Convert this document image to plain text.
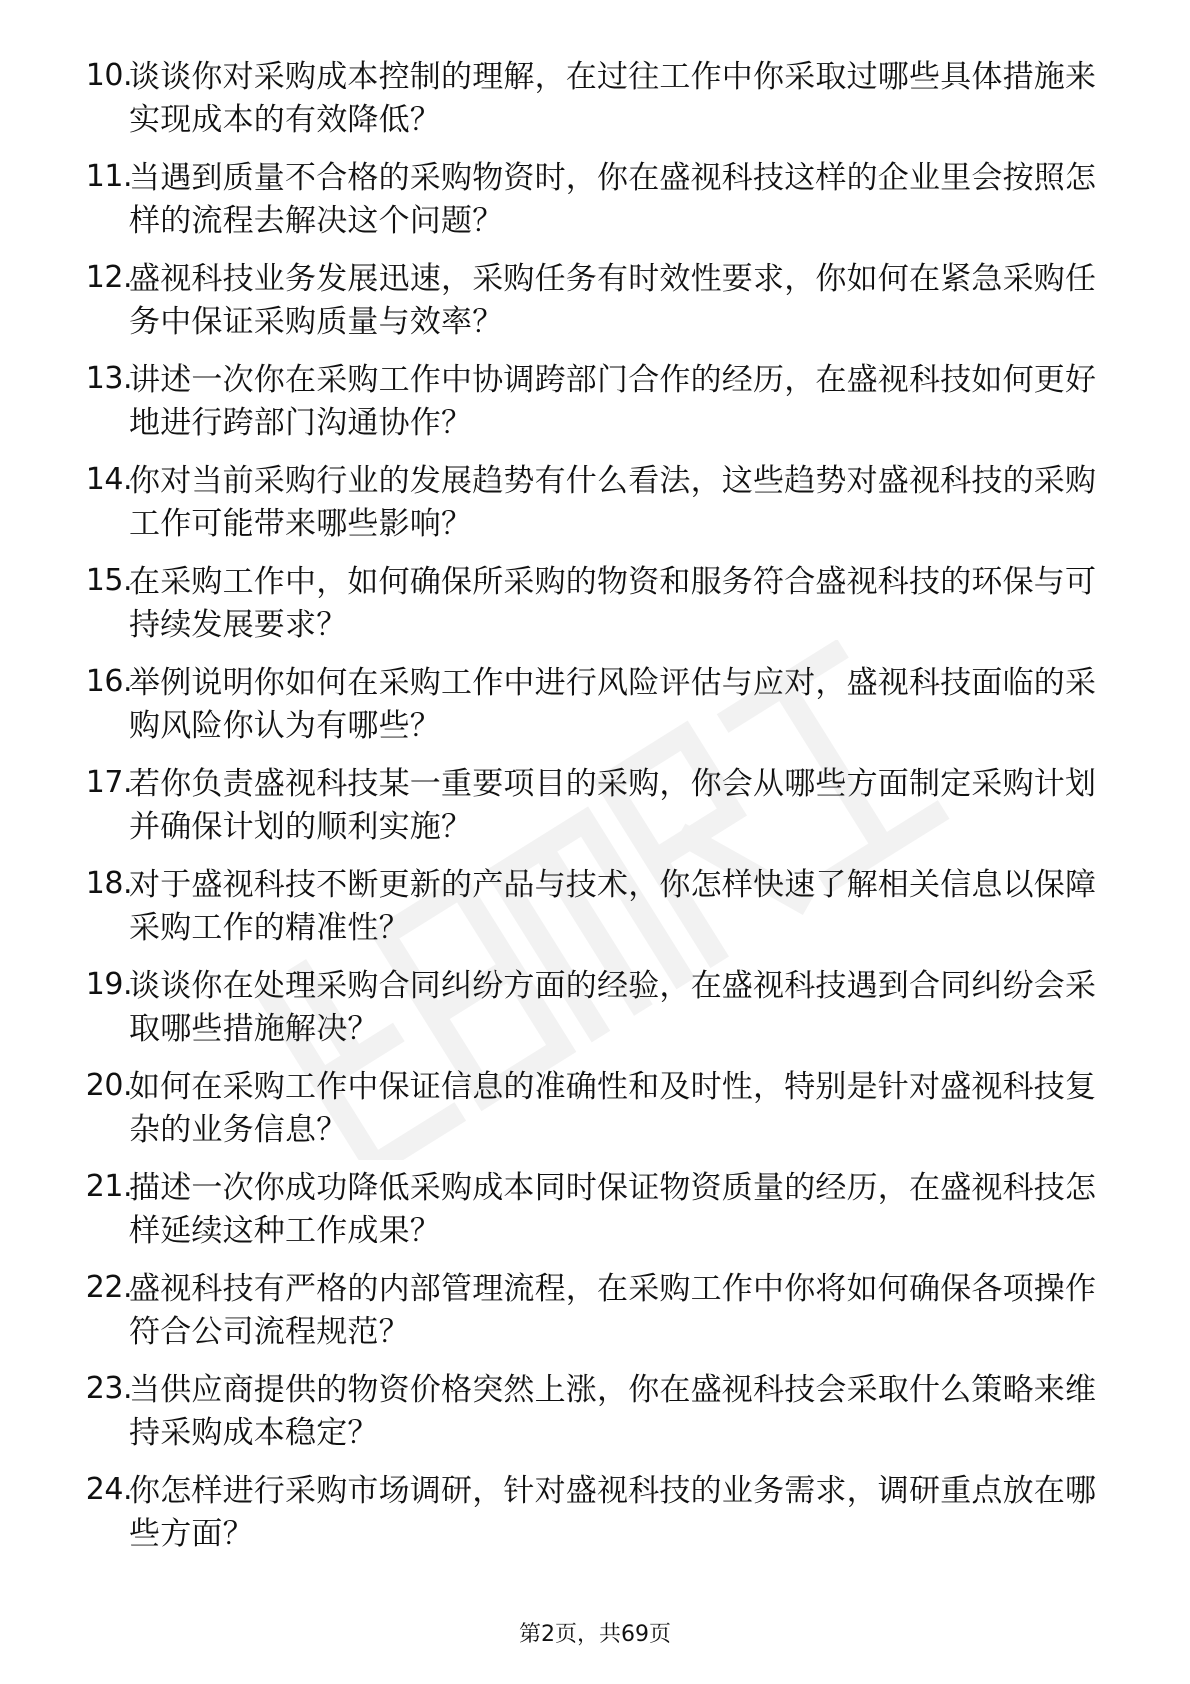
10.
谈谈你对采购成本控制的理解，在过往工作中你采取过哪些具体措施来实现成本的有效降低？
11.
当遇到质量不合格的采购物资时，你在盛视科技这样的企业里会按照怎样的流程去解决这个问题？
12.
盛视科技业务发展迅速，采购任务有时效性要求，你如何在紧急采购任务中保证采购质量与效率？
13.
讲述一次你在采购工作中协调跨部门合作的经历，在盛视科技如何更好地进行跨部门沟通协作？
14.
你对当前采购行业的发展趋势有什么看法，这些趋势对盛视科技的采购工作可能带来哪些影响？
15.
在采购工作中，如何确保所采购的物资和服务符合盛视科技的环保与可持续发展要求？
16.
举例说明你如何在采购工作中进行风险评估与应对，盛视科技面临的采购风险你认为有哪些？
17.
若你负责盛视科技某一重要项目的采购，你会从哪些方面制定采购计划并确保计划的顺利实施？
18.
对于盛视科技不断更新的产品与技术，你怎样快速了解相关信息以保障采购工作的精准性？
19.
谈谈你在处理采购合同纠纷方面的经验，在盛视科技遇到合同纠纷会采取哪些措施解决？
20.
如何在采购工作中保证信息的准确性和及时性，特别是针对盛视科技复杂的业务信息？
21.
描述一次你成功降低采购成本同时保证物资质量的经历，在盛视科技怎样延续这种工作成果？
22.
盛视科技有严格的内部管理流程，在采购工作中你将如何确保各项操作符合公司流程规范？
23.
当供应商提供的物资价格突然上涨，你在盛视科技会采取什么策略来维持采购成本稳定？
24.
你怎样进行采购市场调研，针对盛视科技的业务需求，调研重点放在哪些方面？
第2页，共69页
